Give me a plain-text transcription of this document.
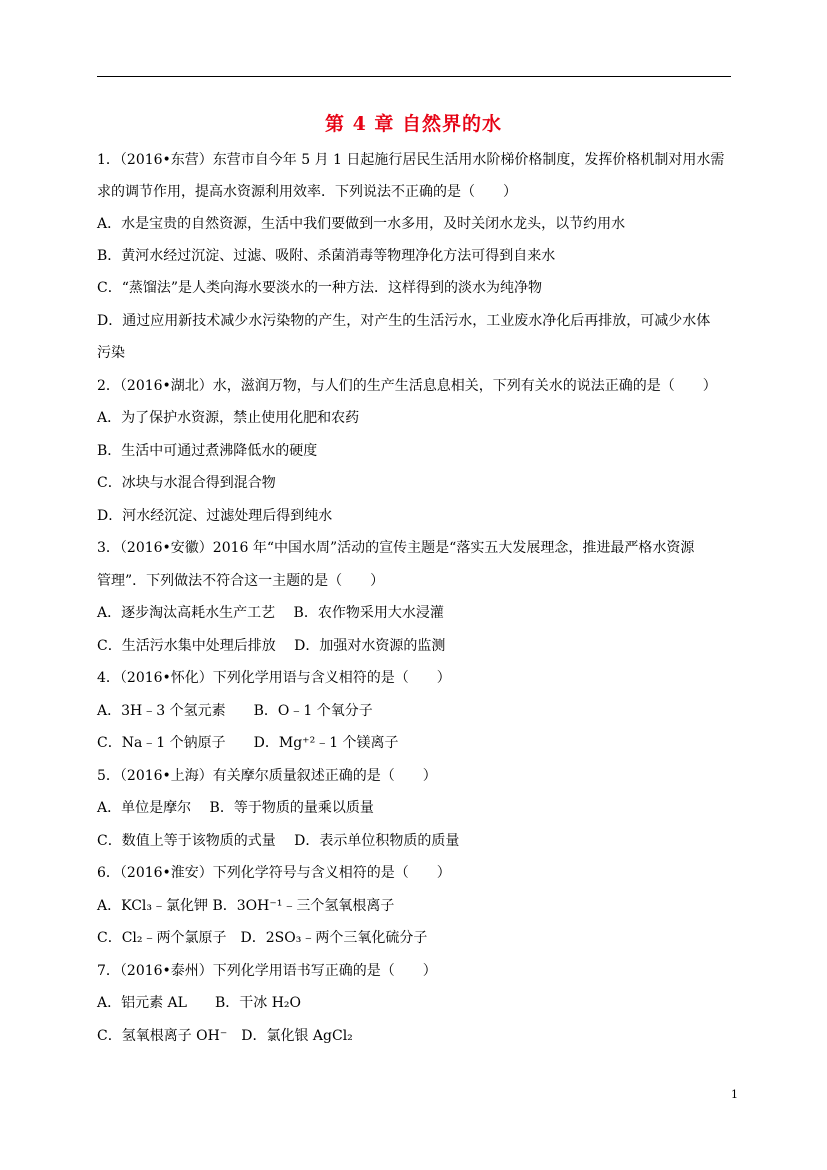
第 4 章 自然界的水
1．（2016•东营）东营市自今年 5 月 1 日起施行居民生活用水阶梯价格制度，发挥价格机制对用水需
求的调节作用，提高水资源利用效率．下列说法不正确的是（　　）
A．水是宝贵的自然资源，生活中我们要做到一水多用，及时关闭水龙头，以节约用水
B．黄河水经过沉淀、过滤、吸附、杀菌消毒等物理净化方法可得到自来水
C．“蒸馏法”是人类向海水要淡水的一种方法．这样得到的淡水为纯净物
D．通过应用新技术减少水污染物的产生，对产生的生活污水，工业废水净化后再排放，可减少水体
污染
2．（2016•湖北）水，滋润万物，与人们的生产生活息息相关，下列有关水的说法正确的是（　　）
A．为了保护水资源，禁止使用化肥和农药
B．生活中可通过煮沸降低水的硬度
C．冰块与水混合得到混合物
D．河水经沉淀、过滤处理后得到纯水
3．（2016•安徽）2016 年“中国水周”活动的宣传主题是“落实五大发展理念，推进最严格水资源
管理”．下列做法不符合这一主题的是（　　）
A．逐步淘汰高耗水生产工艺　 B．农作物采用大水浸灌
C．生活污水集中处理后排放　 D．加强对水资源的监测
4．（2016•怀化）下列化学用语与含义相符的是（　　）
A．3H﹣3 个氢元素　　B．O﹣1 个氧分子
C．Na﹣1 个钠原子　　D．Mg⁺²﹣1 个镁离子
5．（2016•上海）有关摩尔质量叙述正确的是（　　）
A．单位是摩尔　 B．等于物质的量乘以质量
C．数值上等于该物质的式量　 D．表示单位积物质的质量
6．（2016•淮安）下列化学符号与含义相符的是（　　）
A．KCl₃﹣氯化钾 B．3OH⁻¹﹣三个氢氧根离子
C．Cl₂﹣两个氯原子　D．2SO₃﹣两个三氧化硫分子
7．（2016•泰州）下列化学用语书写正确的是（　　）
A．铝元素 AL　　B．干冰 H₂O
C．氢氧根离子 OH⁻　D．氯化银 AgCl₂
1
